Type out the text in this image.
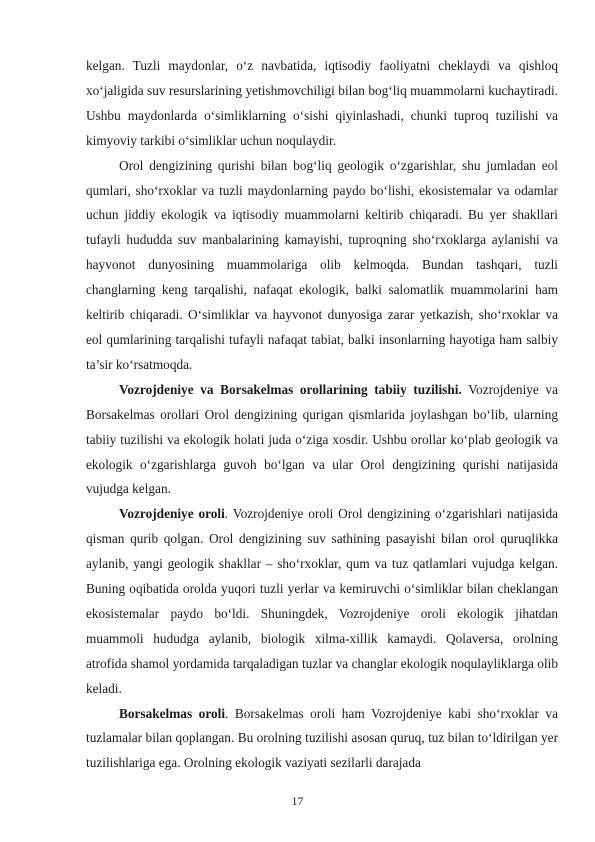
kelgan. Tuzli maydonlar, o‘z navbatida, iqtisodiy faoliyatni cheklaydi va qishloq xo‘jaligida suv resurslarining yetishmovchiligi bilan bog‘liq muammolarni kuchaytiradi. Ushbu maydonlarda o‘simliklarning o‘sishi qiyinlashadi, chunki tuproq tuzilishi va kimyoviy tarkibi o‘simliklar uchun noqulaydir.

Orol dengizining qurishi bilan bog‘liq geologik o‘zgarishlar, shu jumladan eol qumlari, sho‘rxoklar va tuzli maydonlarning paydo bo‘lishi, ekosistemalar va odamlar uchun jiddiy ekologik va iqtisodiy muammolarni keltirib chiqaradi. Bu yer shakllari tufayli hududda suv manbalarining kamayishi, tuproqning sho‘rxoklarga aylanishi va hayvonot dunyosining muammolariga olib kelmoqda. Bundan tashqari, tuzli changlarning keng tarqalishi, nafaqat ekologik, balki salomatlik muammolarini ham keltirib chiqaradi. O‘simliklar va hayvonot dunyosiga zarar yetkazish, sho‘rxoklar va eol qumlarining tarqalishi tufayli nafaqat tabiat, balki insonlarning hayotiga ham salbiy ta’sir ko‘rsatmoqda.

Vozrojdeniye va Borsakelmas orollarining tabiiy tuzilishi. Vozrojdeniye va Borsakelmas orollari Orol dengizining qurigan qismlarida joylashgan bo‘lib, ularning tabiiy tuzilishi va ekologik holati juda o‘ziga xosdir. Ushbu orollar ko‘plab geologik va ekologik o‘zgarishlarga guvoh bo‘lgan va ular Orol dengizining qurishi natijasida vujudga kelgan.

Vozrojdeniye oroli. Vozrojdeniye oroli Orol dengizining o‘zgarishlari natijasida qisman qurib qolgan. Orol dengizining suv sathining pasayishi bilan orol quruqlikka aylanib, yangi geologik shakllar – sho‘rxoklar, qum va tuz qatlamlari vujudga kelgan. Buning oqibatida oroldа yuqori tuzli yerlar va kemiruvchi o‘simliklar bilan cheklangan ekosistemalar paydo bo‘ldi. Shuningdek, Vozrojdeniye oroli ekologik jihatdan muammoli hududga aylanib, biologik xilma-xillik kamaydi. Qolaversa, orolning atrofida shamol yordamida tarqaladigan tuzlar va changlar ekologik noqulayliklarga olib keladi.

Borsakelmas oroli. Borsakelmas oroli ham Vozrojdeniye kabi sho‘rxoklar va tuzlamalar bilan qoplangan. Bu orolning tuzilishi asosan quruq, tuz bilan to‘ldirilgan yer tuzilishlariga ega. Orolning ekologik vaziyati sezilarli darajada

17
